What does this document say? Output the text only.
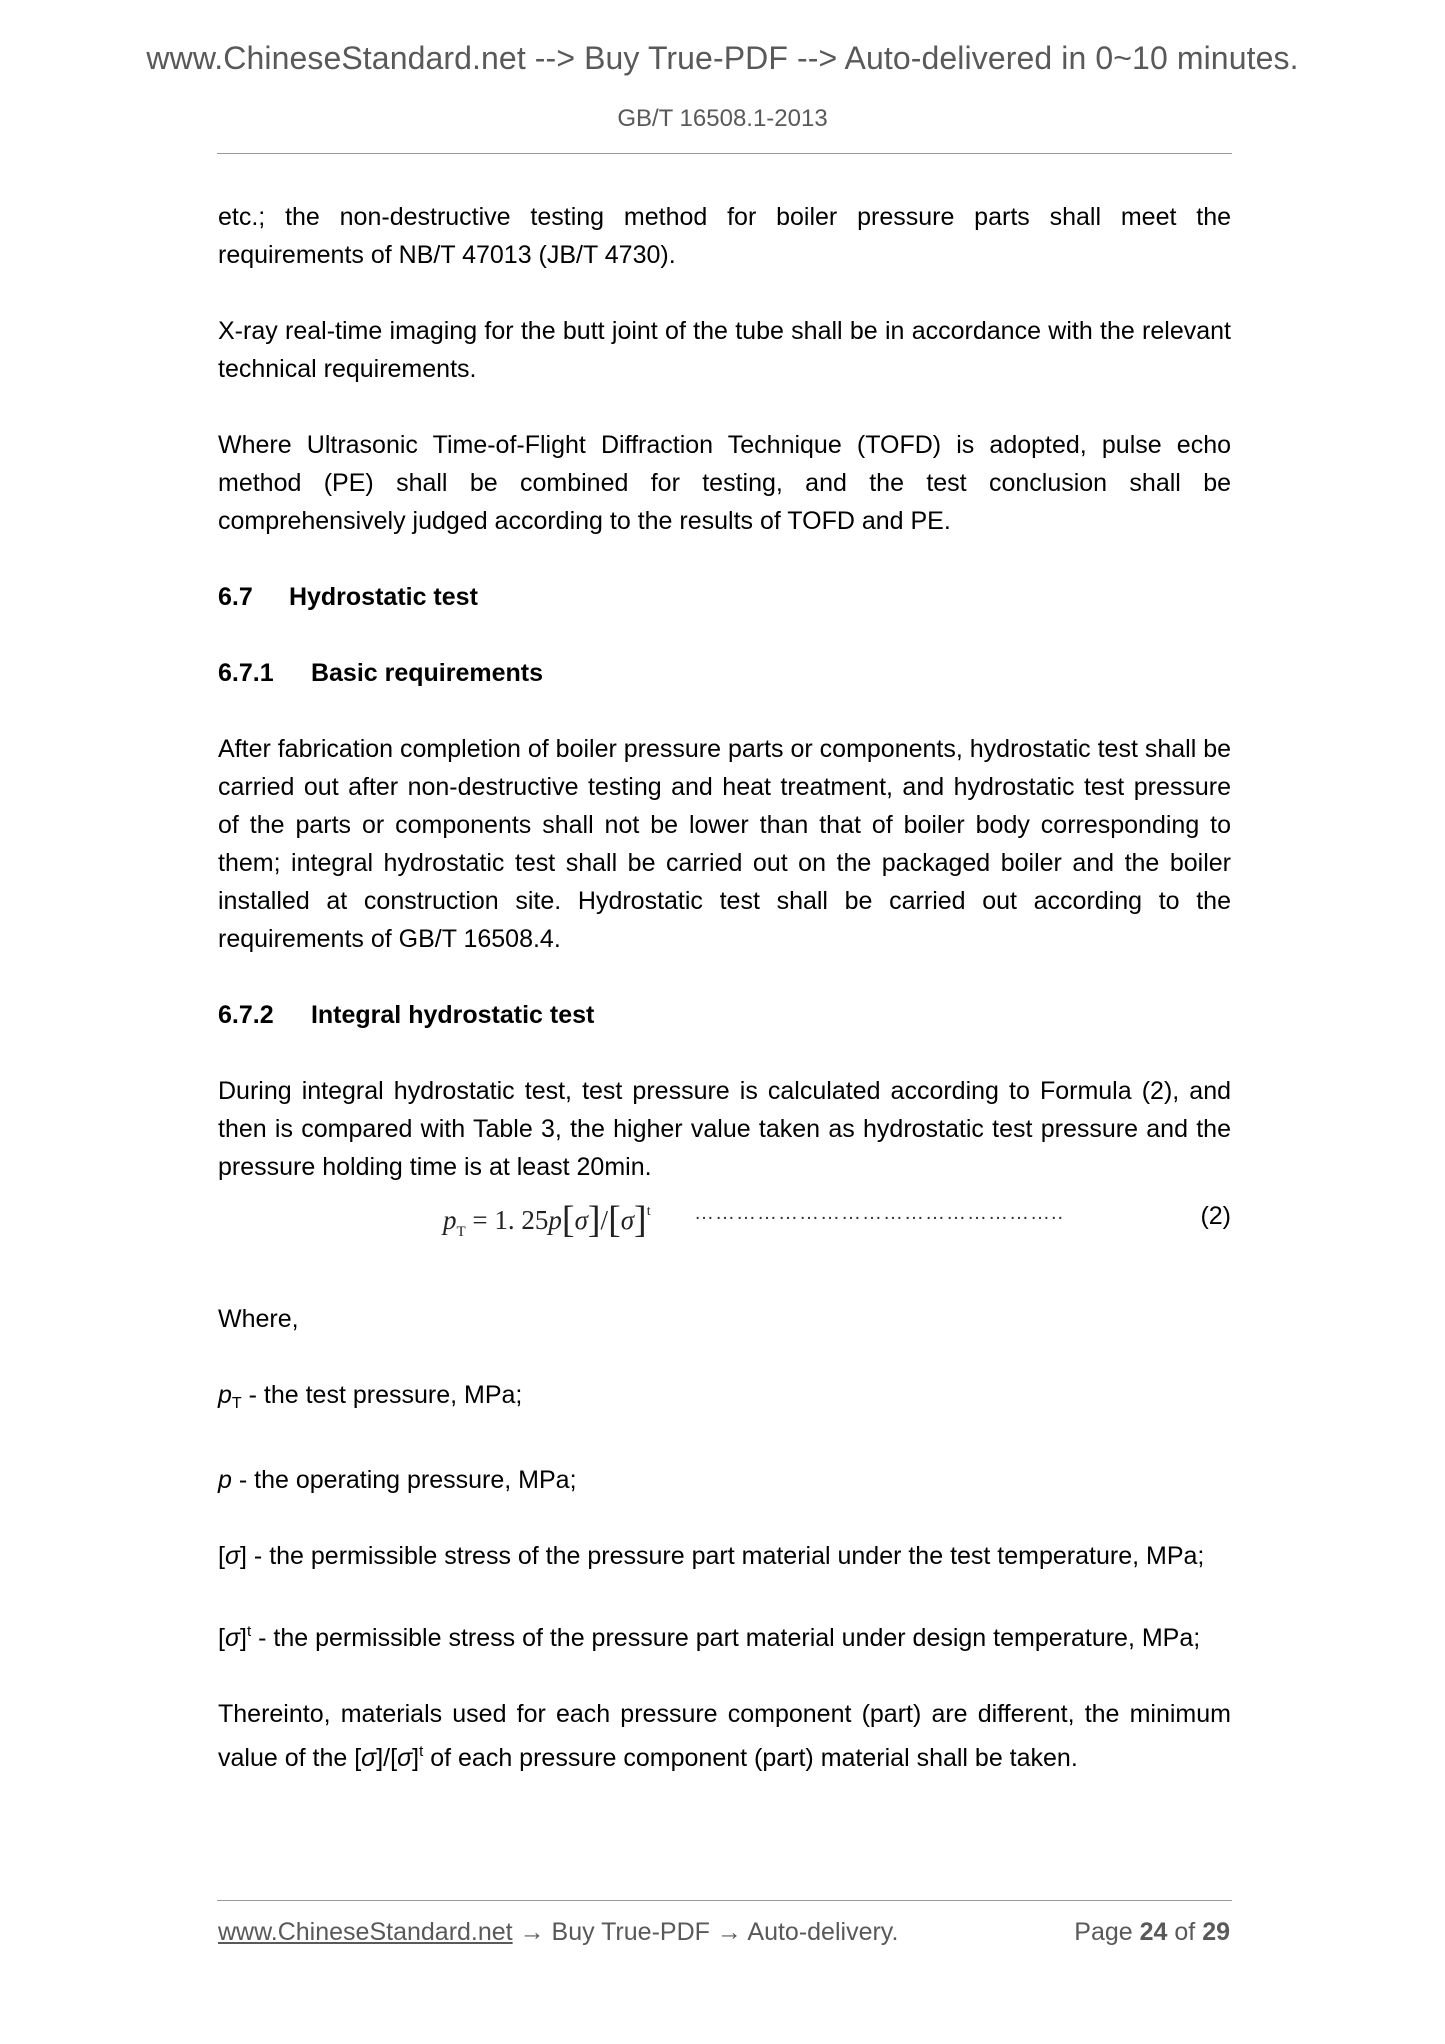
www.ChineseStandard.net --> Buy True-PDF --> Auto-delivered in 0~10 minutes.
GB/T 16508.1-2013

etc.; the non-destructive testing method for boiler pressure parts shall meet the requirements of NB/T 47013 (JB/T 4730).

X-ray real-time imaging for the butt joint of the tube shall be in accordance with the relevant technical requirements.

Where Ultrasonic Time-of-Flight Diffraction Technique (TOFD) is adopted, pulse echo method (PE) shall be combined for testing, and the test conclusion shall be comprehensively judged according to the results of TOFD and PE.

6.7 Hydrostatic test
6.7.1 Basic requirements

After fabrication completion of boiler pressure parts or components, hydrostatic test shall be carried out after non-destructive testing and heat treatment, and hydrostatic test pressure of the parts or components shall not be lower than that of boiler body corresponding to them; integral hydrostatic test shall be carried out on the packaged boiler and the boiler installed at construction site. Hydrostatic test shall be carried out according to the requirements of GB/T 16508.4.

6.7.2 Integral hydrostatic test

During integral hydrostatic test, test pressure is calculated according to Formula (2), and then is compared with Table 3, the higher value taken as hydrostatic test pressure and the pressure holding time is at least 20min.

$p_T = 1$. $25p[\sigma]/[\sigma]^t$ ……………………………………………..	(2)

Where,

$p_T$ - the test pressure, MPa;

p - the operating pressure, MPa;

[σ] - the permissible stress of the pressure part material under the test temperature, MPa;

$[\sigma]^t$ - the permissible stress of the pressure part material under design temperature, MPa;

Thereinto, materials used for each pressure component (part) are different, the minimum value of the $[\sigma]/[\sigma]^t$ of each pressure component (part) material shall be taken.

www.ChineseStandard.net → Buy True-PDF → Auto-delivery.	Page 24 of 29
